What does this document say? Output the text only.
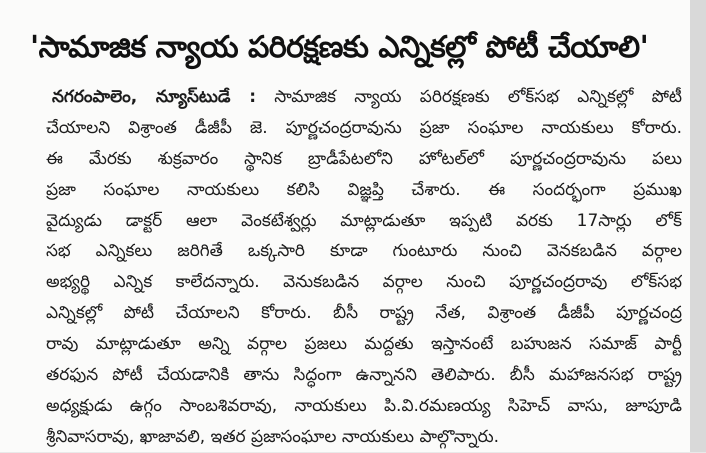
'సామాజిక న్యాయ పరిరక్షణకు ఎన్నికల్లో పోటీ చేయాలి'
నగరంపాలెం, న్యూస్‌టుడే : సామాజిక న్యాయ పరిరక్షణకు లోక్‌సభ ఎన్నికల్లో పోటీ
చేయాలని విశ్రాంత డీజీపీ జె. పూర్ణచంద్రరావును ప్రజా సంఘాల నాయకులు కోరారు.
ఈ మేరకు శుక్రవారం స్థానిక బ్రాడీపేటలోని హోటల్‌లో పూర్ణచంద్రరావును పలు
ప్రజా సంఘాల నాయకులు కలిసి విజ్ఞప్తి చేశారు. ఈ సందర్భంగా ప్రముఖ
వైద్యుడు డాక్టర్ ఆలా వెంకటేశ్వర్లు మాట్లాడుతూ ఇప్పటి వరకు 17సార్లు లోక్
సభ ఎన్నికలు జరిగితే ఒక్కసారి కూడా గుంటూరు నుంచి వెనకబడిన వర్గాల
అభ్యర్థి ఎన్నిక కాలేదన్నారు. వెనుకబడిన వర్గాల నుంచి పూర్ణచంద్రరావు లోక్‌సభ
ఎన్నికల్లో పోటీ చేయాలని కోరారు. బీసీ రాష్ట్ర నేత, విశ్రాంత డీజీపీ పూర్ణచంద్ర
రావు మాట్లాడుతూ అన్ని వర్గాల ప్రజలు మద్దతు ఇస్తానంటే బహుజన సమాజ్ పార్టీ
తరఫున పోటీ చేయడానికి తాను సిద్ధంగా ఉన్నానని తెలిపారు. బీసీ మహాజనసభ రాష్ట్ర
అధ్యక్షుడు ఉగ్గం సాంబశివరావు, నాయకులు పి.వి.రమణయ్య సిహెచ్ వాసు, జూపూడి
శ్రీనివాసరావు, ఖాజావలి, ఇతర ప్రజాసంఘాల నాయకులు పాల్గొన్నారు.
